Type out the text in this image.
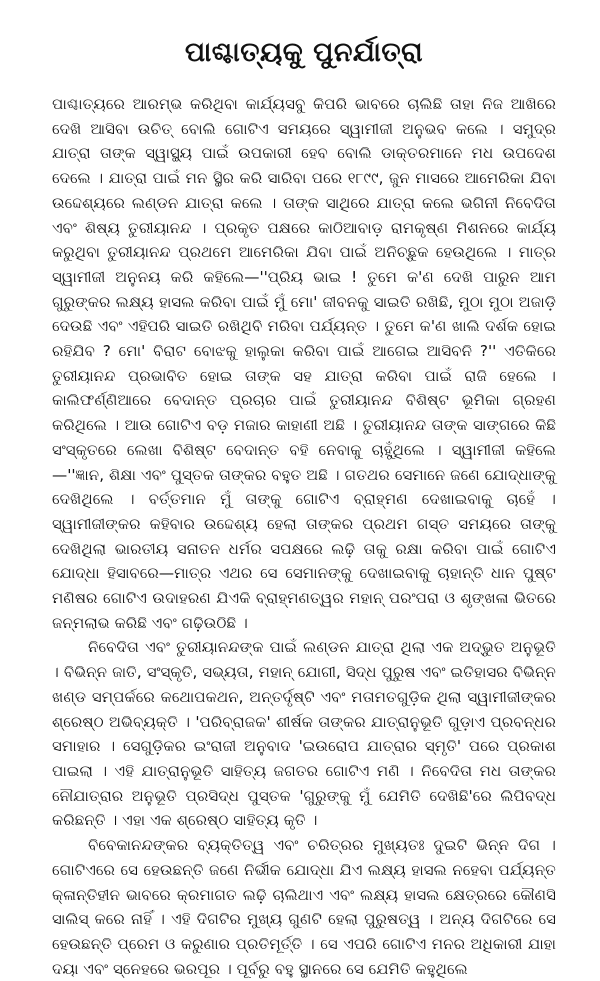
ପାଶ୍ଚାତ୍ୟକୁ ପୁନର୍ଯାତ୍ରା

ପାଶ୍ଚାତ୍ୟରେ ଆରମ୍ଭ କରିଥିବା କାର୍ଯ୍ୟସବୁ କିପରି ଭାବରେ ଚାଲିଛି ତାହା ନିଜ ଆଖିରେ ଦେଖି ଆସିବା ଉଚିତ୍ ବୋଲି ଗୋଟିଏ ସମୟରେ ସ୍ୱାମୀଜୀ ଅନୁଭବ କଲେ । ସମୁଦ୍ର ଯାତ୍ରା ତାଙ୍କ ସ୍ୱାସ୍ଥ୍ୟ ପାଇଁ ଉପକାରୀ ହେବ ବୋଲି ଡାକ୍ତରମାନେ ମଧ ଉପଦେଶ ଦେଲେ । ଯାତ୍ରା ପାଇଁ ମନ ସ୍ଥିର କରି ସାରିବା ପରେ ୧୮୯୯, ଜୁନ ମାସରେ ଆମେରିକା ଯିବା ଉଦ୍ଦେଶ୍ୟରେ ଲଣ୍ଡନ ଯାତ୍ରା କଲେ । ତାଙ୍କ ସାଥିରେ ଯାତ୍ରା କଲେ ଭଗିନୀ ନିବେଦିତା ଏବଂ ଶିଷ୍ୟ ତୁରୀୟାନନ୍ଦ । ପ୍ରକୃତ ପକ୍ଷରେ କାଠିଆବାଡ଼ ରାମକୃଷ୍ଣ ମିଶନରେ କାର୍ଯ୍ୟ କରୁଥିବା ତୁରୀୟାନନ୍ଦ ପ୍ରଥମେ ଆମେରିକା ଯିବା ପାଇଁ ଅନିଚ୍ଛୁକ ହେଉଥିଲେ । ମାତ୍ର ସ୍ୱାମୀଜୀ ଅନୁନୟ କରି କହିଲେ—''ପ୍ରିୟ ଭାଇ ! ତୁମେ କ'ଣ ଦେଖି ପାରୁନ ଆମ ଗୁରୁଙ୍କର ଲକ୍ଷ୍ୟ ହାସଲ କରିବା ପାଇଁ ମୁଁ ମୋ' ଜୀବନକୁ ସାଇତି ରଖିଛି, ମୁଠା ମୁଠା ଅଜାଡ଼ି ଦେଉଛି ଏବଂ ଏହିପରି ସାଇତି ରଖିଥିବି ମରିବା ପର୍ଯ୍ୟନ୍ତ । ତୁମେ କ'ଣ ଖାଲି ଦର୍ଶକ ହୋଇ ରହିଯିବ ? ମୋ' ବିରାଟ ବୋଝକୁ ହାଲୁକା କରିବା ପାଇଁ ଆଗେଇ ଆସିବନି ?'' ଏତିକିରେ ତୁରୀୟାନନ୍ଦ ପ୍ରଭାବିତ ହୋଇ ତାଙ୍କ ସହ ଯାତ୍ରା କରିବା ପାଇଁ ରାଜି ହେଲେ । କାଲିଫର୍ଣ୍ଣିଆରେ ବେଦାନ୍ତ ପ୍ରଚାର ପାଇଁ ତୁରୀୟାନନ୍ଦ ବିଶିଷ୍ଟ ଭୂମିକା ଗ୍ରହଣ କରିଥିଲେ । ଆଉ ଗୋଟିଏ ବଡ଼ ମଜାର କାହାଣୀ ଅଛି । ତୁରୀୟାନନ୍ଦ ତାଙ୍କ ସାଙ୍ଗରେ କିଛି ସଂସ୍କୃତରେ ଲେଖା ବିଶିଷ୍ଟ ବେଦାନ୍ତ ବହି ନେବାକୁ ଚାହୁଁଥିଲେ । ସ୍ୱାମୀଜୀ କହିଲେ—''ଜ୍ଞାନ, ଶିକ୍ଷା ଏବଂ ପୁସ୍ତକ ତାଙ୍କର ବହୁତ ଅଛି । ଗତଥର ସେମାନେ ଜଣେ ଯୋଦ୍ଧାଙ୍କୁ ଦେଖିଥିଲେ । ବର୍ତ୍ତମାନ ମୁଁ ତାଙ୍କୁ ଗୋଟିଏ ବ୍ରାହ୍ମଣ ଦେଖାଇବାକୁ ଚାହେଁ । ସ୍ୱାମୀଜୀଙ୍କର କହିବାର ଉଦ୍ଦେଶ୍ୟ ହେଲା ତାଙ୍କର ପ୍ରଥମ ଗସ୍ତ ସମୟରେ ତାଙ୍କୁ ଦେଖିଥିଲା ଭାରତୀୟ ସନାତନ ଧର୍ମର ସପକ୍ଷରେ ଲଢ଼ି ତାକୁ ରକ୍ଷା କରିବା ପାଇଁ ଗୋଟିଏ ଯୋଦ୍ଧା ହିସାବରେ—ମାତ୍ର ଏଥର ସେ ସେମାନଙ୍କୁ ଦେଖାଇବାକୁ ଚାହାନ୍ତି ଧାନ ପୁଷ୍ଟ ମଣିଷର ଗୋଟିଏ ଉଦାହରଣ ଯିଏକି ବ୍ରାହ୍ମଣତ୍ୱର ମହାନ୍ ପରଂପରା ଓ ଶୃଙ୍ଖଳା ଭିତରେ ଜନ୍ମଲାଭ କରିଛି ଏବଂ ଗଢ଼ିଉଠିଛି ।

ନିବେଦିତା ଏବଂ ତୁରୀୟାନନ୍ଦଙ୍କ ପାଇଁ ଲଣ୍ଡନ ଯାତ୍ରା ଥିଲା ଏକ ଅଦ୍ଭୁତ ଅନୁଭୂତି । ବିଭିନ୍ନ ଜାତି, ସଂସ୍କୃତି, ସଭ୍ୟତା, ମହାନ୍ ଯୋଗୀ, ସିଦ୍ଧ ପୁରୁଷ ଏବଂ ଇତିହାସର ବିଭିନ୍ନ ଖଣ୍ଡ ସମ୍ପର୍କରେ କଥୋପକଥନ, ଅନ୍ତର୍ଦୃଷ୍ଟି ଏବଂ ମତାମତଗୁଡ଼ିକ ଥିଲା ସ୍ୱାମୀଜୀଙ୍କର ଶ୍ରେଷ୍ଠ ଅଭିବ୍ୟକ୍ତି । 'ପରିବ୍ରାଜକ' ଶୀର୍ଷକ ତାଙ୍କର ଯାତ୍ରାନୁଭୂତି ଗୁଡ଼ାଏ ପ୍ରବନ୍ଧର ସମାହାର । ସେଗୁଡ଼ିକର ଇଂରାଜୀ ଅନୁବାଦ 'ଇଉରୋପ ଯାତ୍ରାର ସ୍ମୃତି' ପରେ ପ୍ରକାଶ ପାଇଲା । ଏହି ଯାତ୍ରାନୁଭୂତି ସାହିତ୍ୟ ଜଗତର ଗୋଟିଏ ମଣି । ନିବେଦିତା ମଧ ତାଙ୍କର ନୌଯାତ୍ରାର ଅନୁଭୂତି ପ୍ରସିଦ୍ଧ ପୁସ୍ତକ 'ଗୁରୁଙ୍କୁ ମୁଁ ଯେମିତି ଦେଖିଛି'ରେ ଲିପିବଦ୍ଧ କରିଛନ୍ତି । ଏହା ଏକ ଶ୍ରେଷ୍ଠ ସାହିତ୍ୟ କୃତି ।

ବିବେକାନନ୍ଦଙ୍କର ବ୍ୟକ୍ତିତ୍ୱ ଏବଂ ଚରିତ୍ରର ମୁଖ୍ୟତଃ ଦୁଇଟି ଭିନ୍ନ ଦିଗ । ଗୋଟିଏରେ ସେ ହେଉଛନ୍ତି ଜଣେ ନିର୍ଭୀକ ଯୋଦ୍ଧା ଯିଏ ଲକ୍ଷ୍ୟ ହାସଲ ନହେବା ପର୍ଯ୍ୟନ୍ତ କ୍ଳାନ୍ତିହୀନ ଭାବରେ କ୍ରମାଗତ ଲଢ଼ି ଚାଲିଥାଏ ଏବଂ ଲକ୍ଷ୍ୟ ହାସଲ କ୍ଷେତ୍ରରେ କୌଣସି ସାଲିସ୍ କରେ ନାହିଁ । ଏହି ଦିଗଟିର ମୁଖ୍ୟ ଗୁଣଟି ହେଲା ପୁରୁଷତ୍ୱ । ଅନ୍ୟ ଦିଗଟିରେ ସେ ହେଉଛନ୍ତି ପ୍ରେମ ଓ କରୁଣାର ପ୍ରତିମୂର୍ତ୍ତି । ସେ ଏପରି ଗୋଟିଏ ମନର ଅଧିକାରୀ ଯାହା ଦୟା ଏବଂ ସ୍ନେହରେ ଭରପୂର । ପୂର୍ବରୁ ବହୁ ସ୍ଥାନରେ ସେ ଯେମିତି କହୁଥିଲେ
